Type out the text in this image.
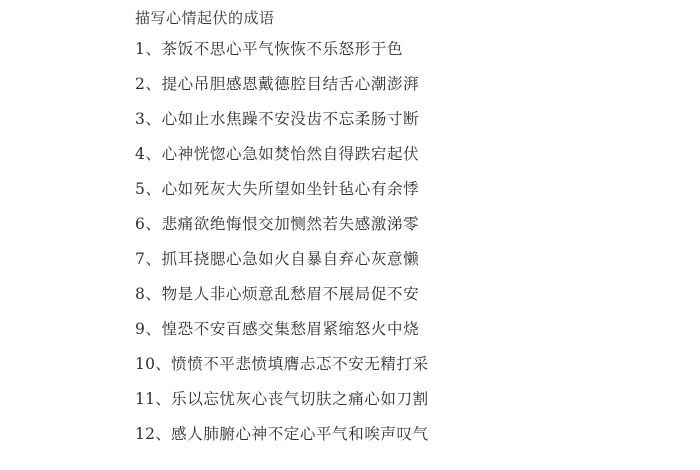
描写心情起伏的成语
1、茶饭不思心平气恢恢不乐怒形于色
2、提心吊胆感恩戴德腔目结舌心潮澎湃
3、心如止水焦躁不安没齿不忘柔肠寸断
4、心神恍惚心急如焚怡然自得跌宕起伏
5、心如死灰大失所望如坐针毡心有余悸
6、悲痛欲绝悔恨交加恻然若失感激涕零
7、抓耳挠腮心急如火自暴自弃心灰意懒
8、物是人非心烦意乱愁眉不展局促不安
9、惶恐不安百感交集愁眉紧缩怒火中烧
10、愤愤不平悲愤填膺忐忑不安无精打采
11、乐以忘忧灰心丧气切肤之痛心如刀割
12、感人肺腑心神不定心平气和唉声叹气
